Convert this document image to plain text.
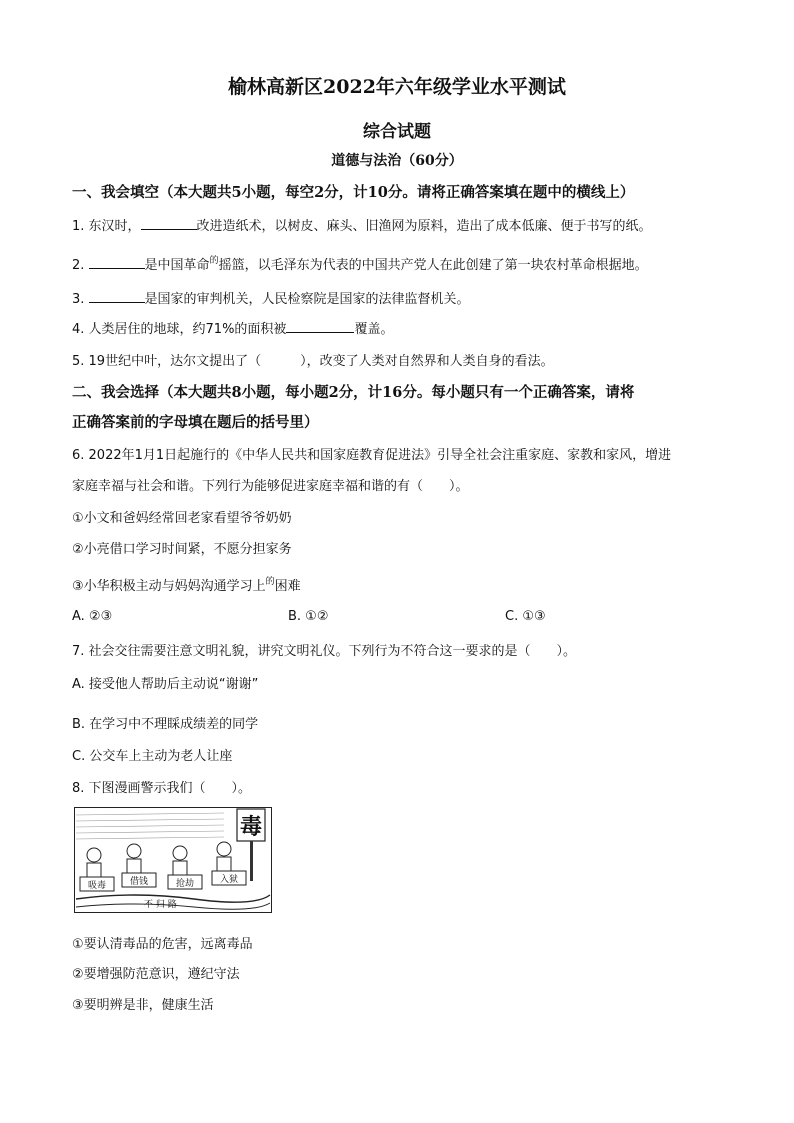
榆林高新区2022年六年级学业水平测试
综合试题
道德与法治（60分）
一、我会填空（本大题共5小题，每空2分，计10分。请将正确答案填在题中的横线上）
1. 东汉时，	改进造纸术，以树皮、麻头、旧渔网为原料，造出了成本低廉、便于书写的纸。
2.	是中国革命$^的$摇篮，以毛泽东为代表的中国共产党人在此创建了第一块农村革命根据地。
3.	是国家的审判机关，人民检察院是国家的法律监督机关。
4. 人类居住的地球，约71%的面积被	覆盖。
5. 19世纪中叶，达尔文提出了（　　　），改变了人类对自然界和人类自身的看法。
二、我会选择（本大题共8小题，每小题2分，计16分。每小题只有一个正确答案，请将
正确答案前的字母填在题后的括号里）
6. 2022年1月1日起施行的《中华人民共和国家庭教育促进法》引导全社会注重家庭、家教和家风，增进
家庭幸福与社会和谐。下列行为能够促进家庭幸福和谐的有（　　）。
①小文和爸妈经常回老家看望爷爷奶奶
②小亮借口学习时间紧，不愿分担家务
③小华积极主动与妈妈沟通学习上$^的$困难
A. ②③	B. ①②	C. ①③
7. 社会交往需要注意文明礼貌，讲究文明礼仪。下列行为不符合这一要求的是（　　）。
A. 接受他人帮助后主动说“谢谢”
B. 在学习中不理睬成绩差的同学
C. 公交车上主动为老人让座
8. 下图漫画警示我们（　　）。
毒
吸毒	借钱	抢劫	入狱
不 归 路
①要认清毒品的危害，远离毒品
②要增强防范意识，遵纪守法
③要明辨是非，健康生活
